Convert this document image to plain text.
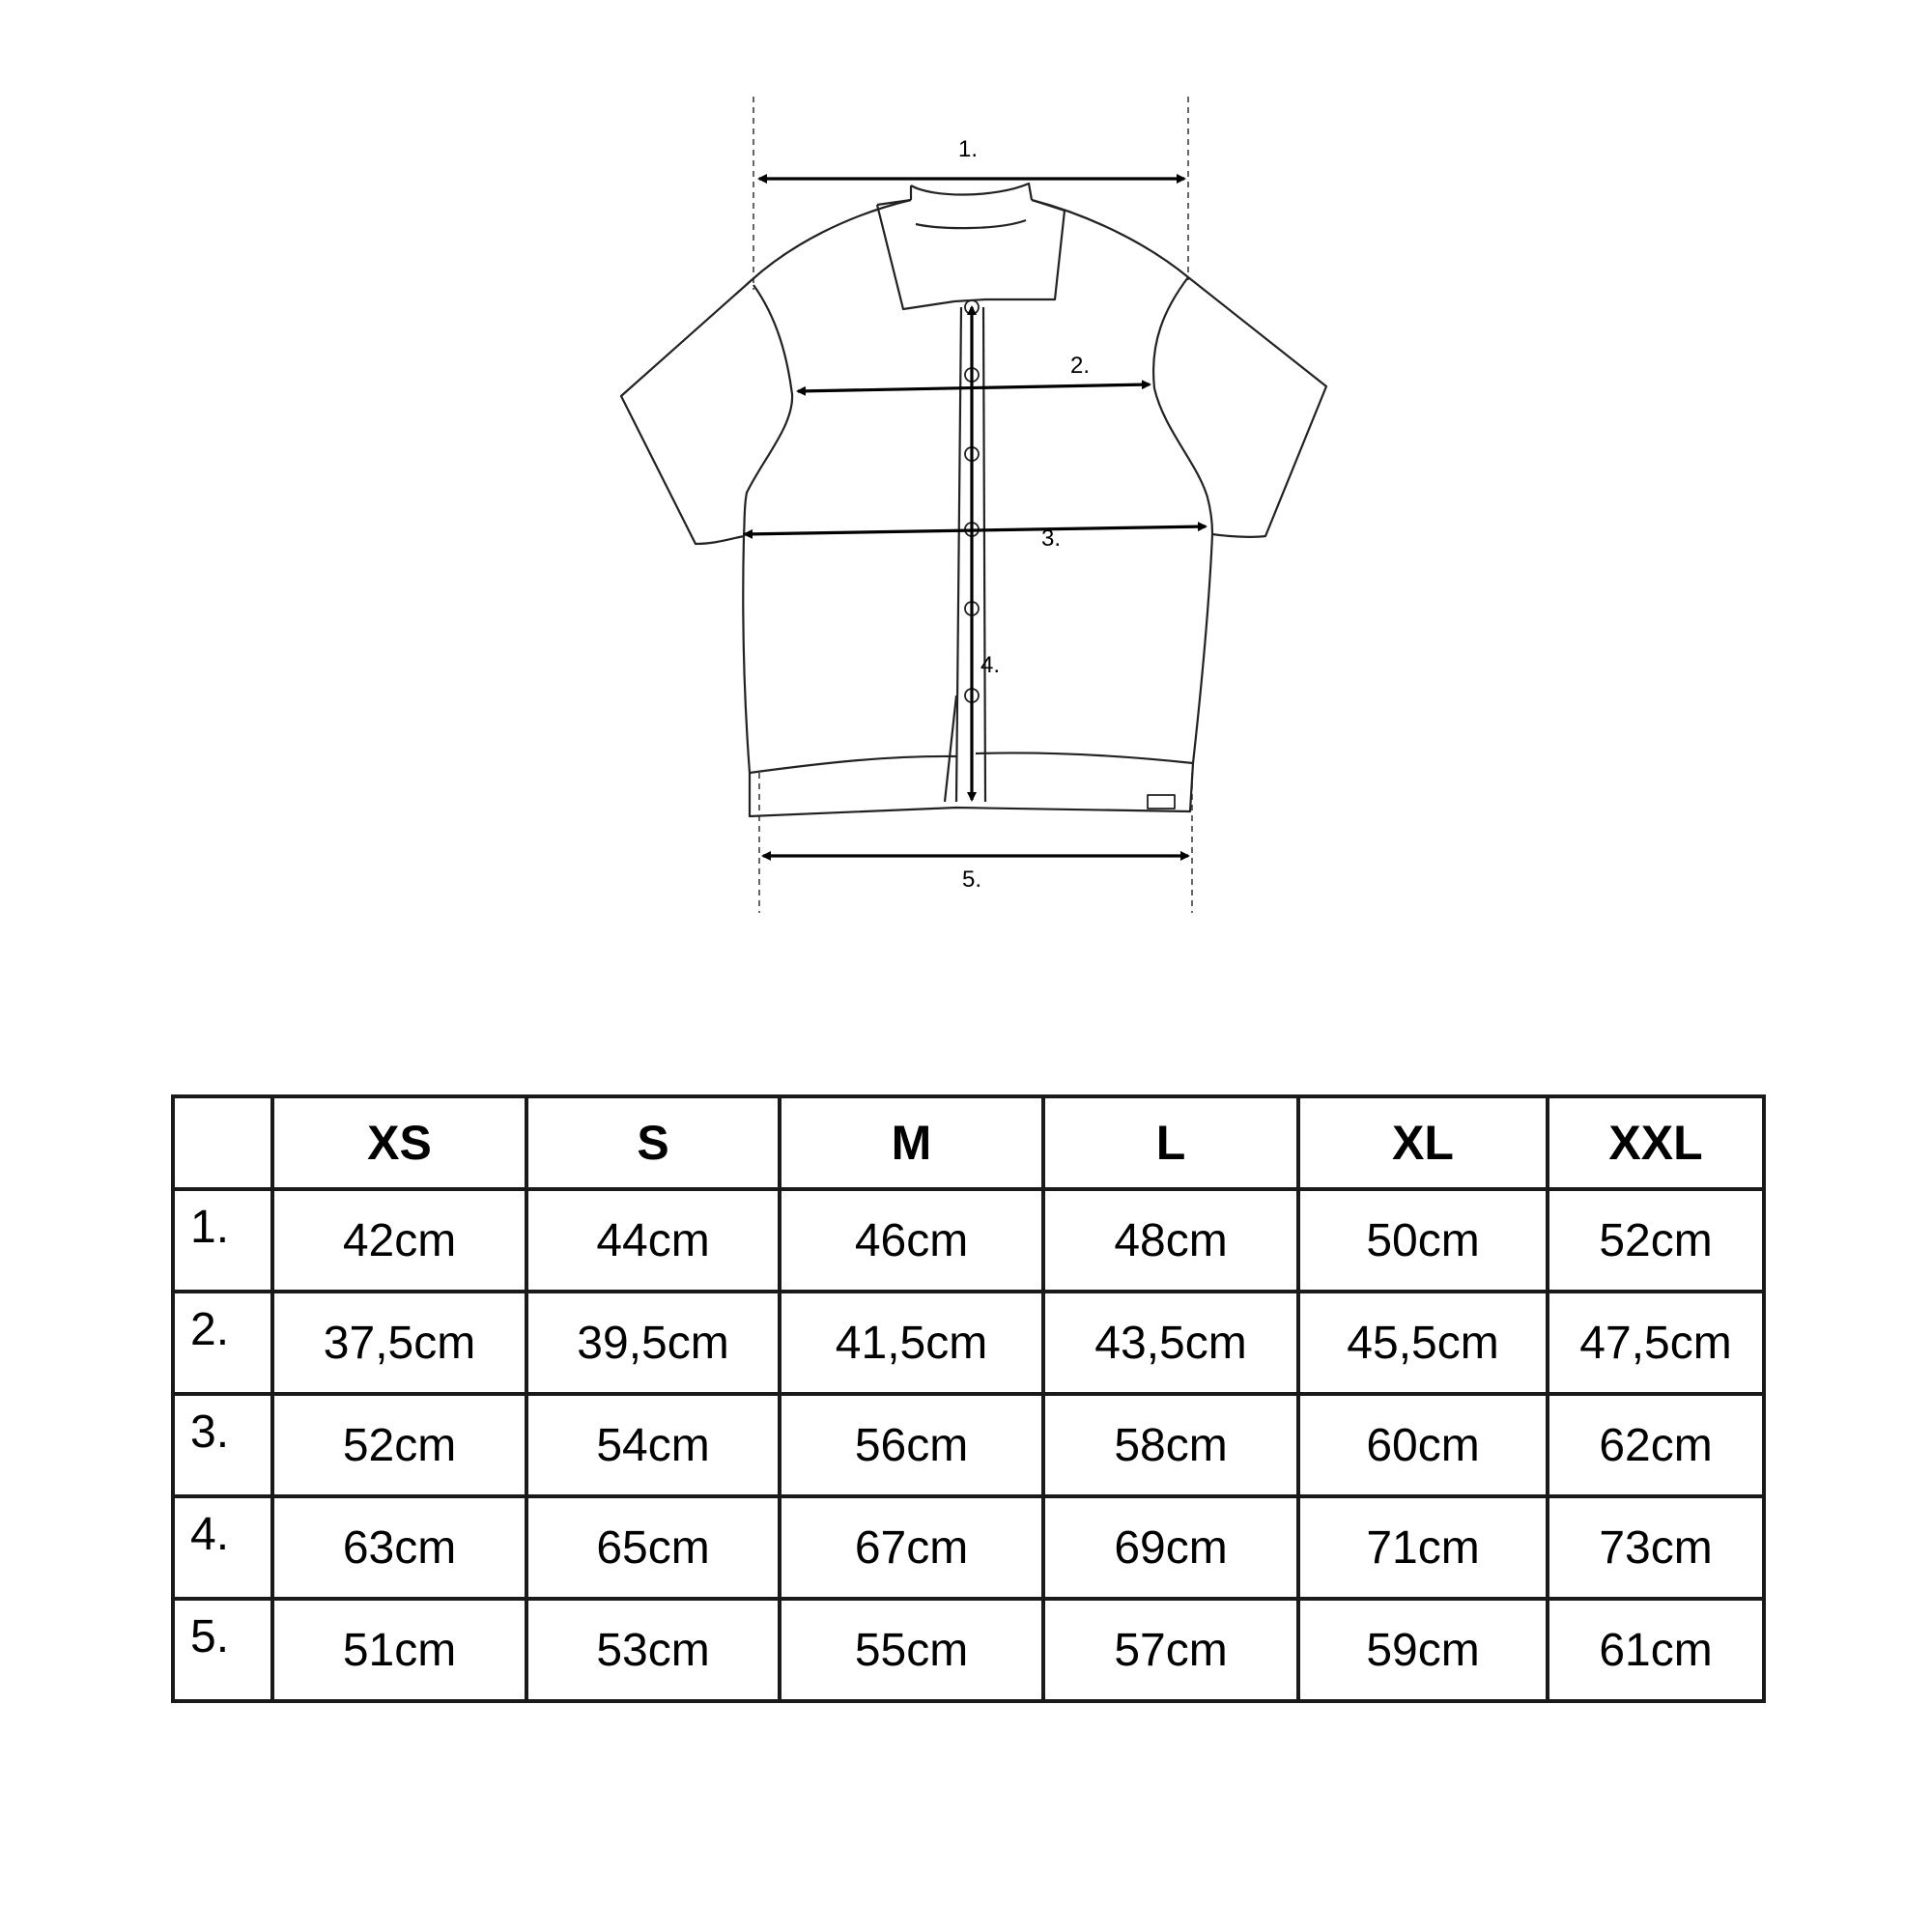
1.
2.
3.
4.
5.
	XS	S	M	L	XL	XXL
1.	42cm	44cm	46cm	48cm	50cm	52cm
2.	37,5cm	39,5cm	41,5cm	43,5cm	45,5cm	47,5cm
3.	52cm	54cm	56cm	58cm	60cm	62cm
4.	63cm	65cm	67cm	69cm	71cm	73cm
5.	51cm	53cm	55cm	57cm	59cm	61cm
